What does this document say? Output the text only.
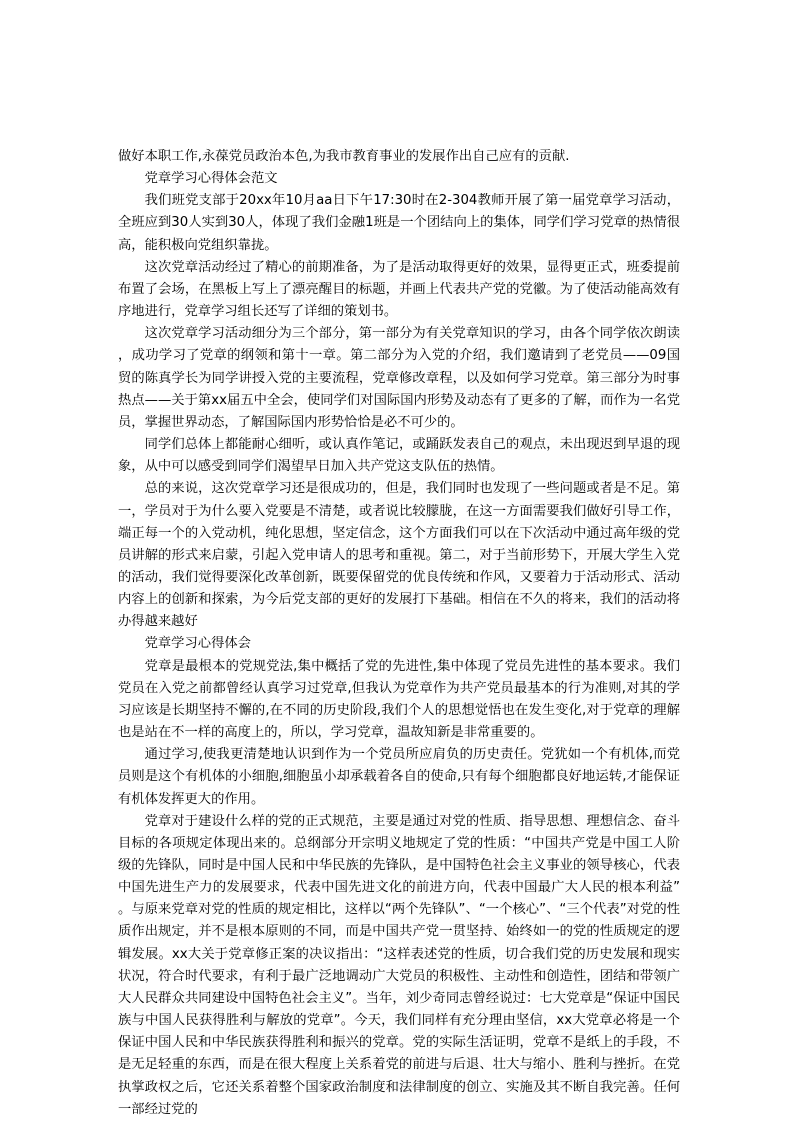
做好本职工作,永葆党员政治本色,为我市教育事业的发展作出自己应有的贡献.

党章学习心得体会范文

我们班党支部于20xx年10月aa日下午17:30时在2-304教师开展了第一届党章学习活动，全班应到30人实到30人，体现了我们金融1班是一个团结向上的集体，同学们学习党章的热情很高，能积极向党组织靠拢。

这次党章活动经过了精心的前期准备，为了是活动取得更好的效果，显得更正式，班委提前布置了会场，在黑板上写上了漂亮醒目的标题，并画上代表共产党的党徽。为了使活动能高效有序地进行，党章学习组长还写了详细的策划书。

这次党章学习活动细分为三个部分，第一部分为有关党章知识的学习，由各个同学依次朗读，成功学习了党章的纲领和第十一章。第二部分为入党的介绍，我们邀请到了老党员——09国贸的陈真学长为同学讲授入党的主要流程，党章修改章程，以及如何学习党章。第三部分为时事热点——关于第xx届五中全会，使同学们对国际国内形势及动态有了更多的了解，而作为一名党员，掌握世界动态，了解国际国内形势恰恰是必不可少的。

同学们总体上都能耐心细听，或认真作笔记，或踊跃发表自己的观点，未出现迟到早退的现象，从中可以感受到同学们渴望早日加入共产党这支队伍的热情。

总的来说，这次党章学习还是很成功的，但是，我们同时也发现了一些问题或者是不足。第一，学员对于为什么要入党要是不清楚，或者说比较朦胧，在这一方面需要我们做好引导工作，端正每一个的入党动机，纯化思想，坚定信念，这个方面我们可以在下次活动中通过高年级的党员讲解的形式来启蒙，引起入党申请人的思考和重视。第二，对于当前形势下，开展大学生入党的活动，我们觉得要深化改革创新，既要保留党的优良传统和作风，又要着力于活动形式、活动内容上的创新和探索，为今后党支部的更好的发展打下基础。相信在不久的将来，我们的活动将办得越来越好

党章学习心得体会

党章是最根本的党规党法,集中概括了党的先进性,集中体现了党员先进性的基本要求。我们党员在入党之前都曾经认真学习过党章,但我认为党章作为共产党员最基本的行为准则,对其的学习应该是长期坚持不懈的,在不同的历史阶段,我们个人的思想觉悟也在发生变化,对于党章的理解也是站在不一样的高度上的，所以，学习党章，温故知新是非常重要的。

通过学习,使我更清楚地认识到作为一个党员所应肩负的历史责任。党犹如一个有机体,而党员则是这个有机体的小细胞,细胞虽小却承载着各自的使命,只有每个细胞都良好地运转,才能保证有机体发挥更大的作用。

党章对于建设什么样的党的正式规范，主要是通过对党的性质、指导思想、理想信念、奋斗目标的各项规定体现出来的。总纲部分开宗明义地规定了党的性质：“中国共产党是中国工人阶级的先锋队，同时是中国人民和中华民族的先锋队，是中国特色社会主义事业的领导核心，代表中国先进生产力的发展要求，代表中国先进文化的前进方向，代表中国最广大人民的根本利益”。与原来党章对党的性质的规定相比，这样以“两个先锋队”、“一个核心”、“三个代表”对党的性质作出规定，并不是根本原则的不同，而是中国共产党一贯坚持、始终如一的党的性质规定的逻辑发展。xx大关于党章修正案的决议指出：“这样表述党的性质，切合我们党的历史发展和现实状况，符合时代要求，有利于最广泛地调动广大党员的积极性、主动性和创造性，团结和带领广大人民群众共同建设中国特色社会主义”。当年，刘少奇同志曾经说过：七大党章是“保证中国民族与中国人民获得胜利与解放的党章”。今天，我们同样有充分理由坚信，xx大党章必将是一个保证中国人民和中华民族获得胜利和振兴的党章。党的实际生活证明，党章不是纸上的手段，不是无足轻重的东西，而是在很大程度上关系着党的前进与后退、壮大与缩小、胜利与挫折。在党执掌政权之后，它还关系着整个国家政治制度和法律制度的创立、实施及其不断自我完善。任何一部经过党的
